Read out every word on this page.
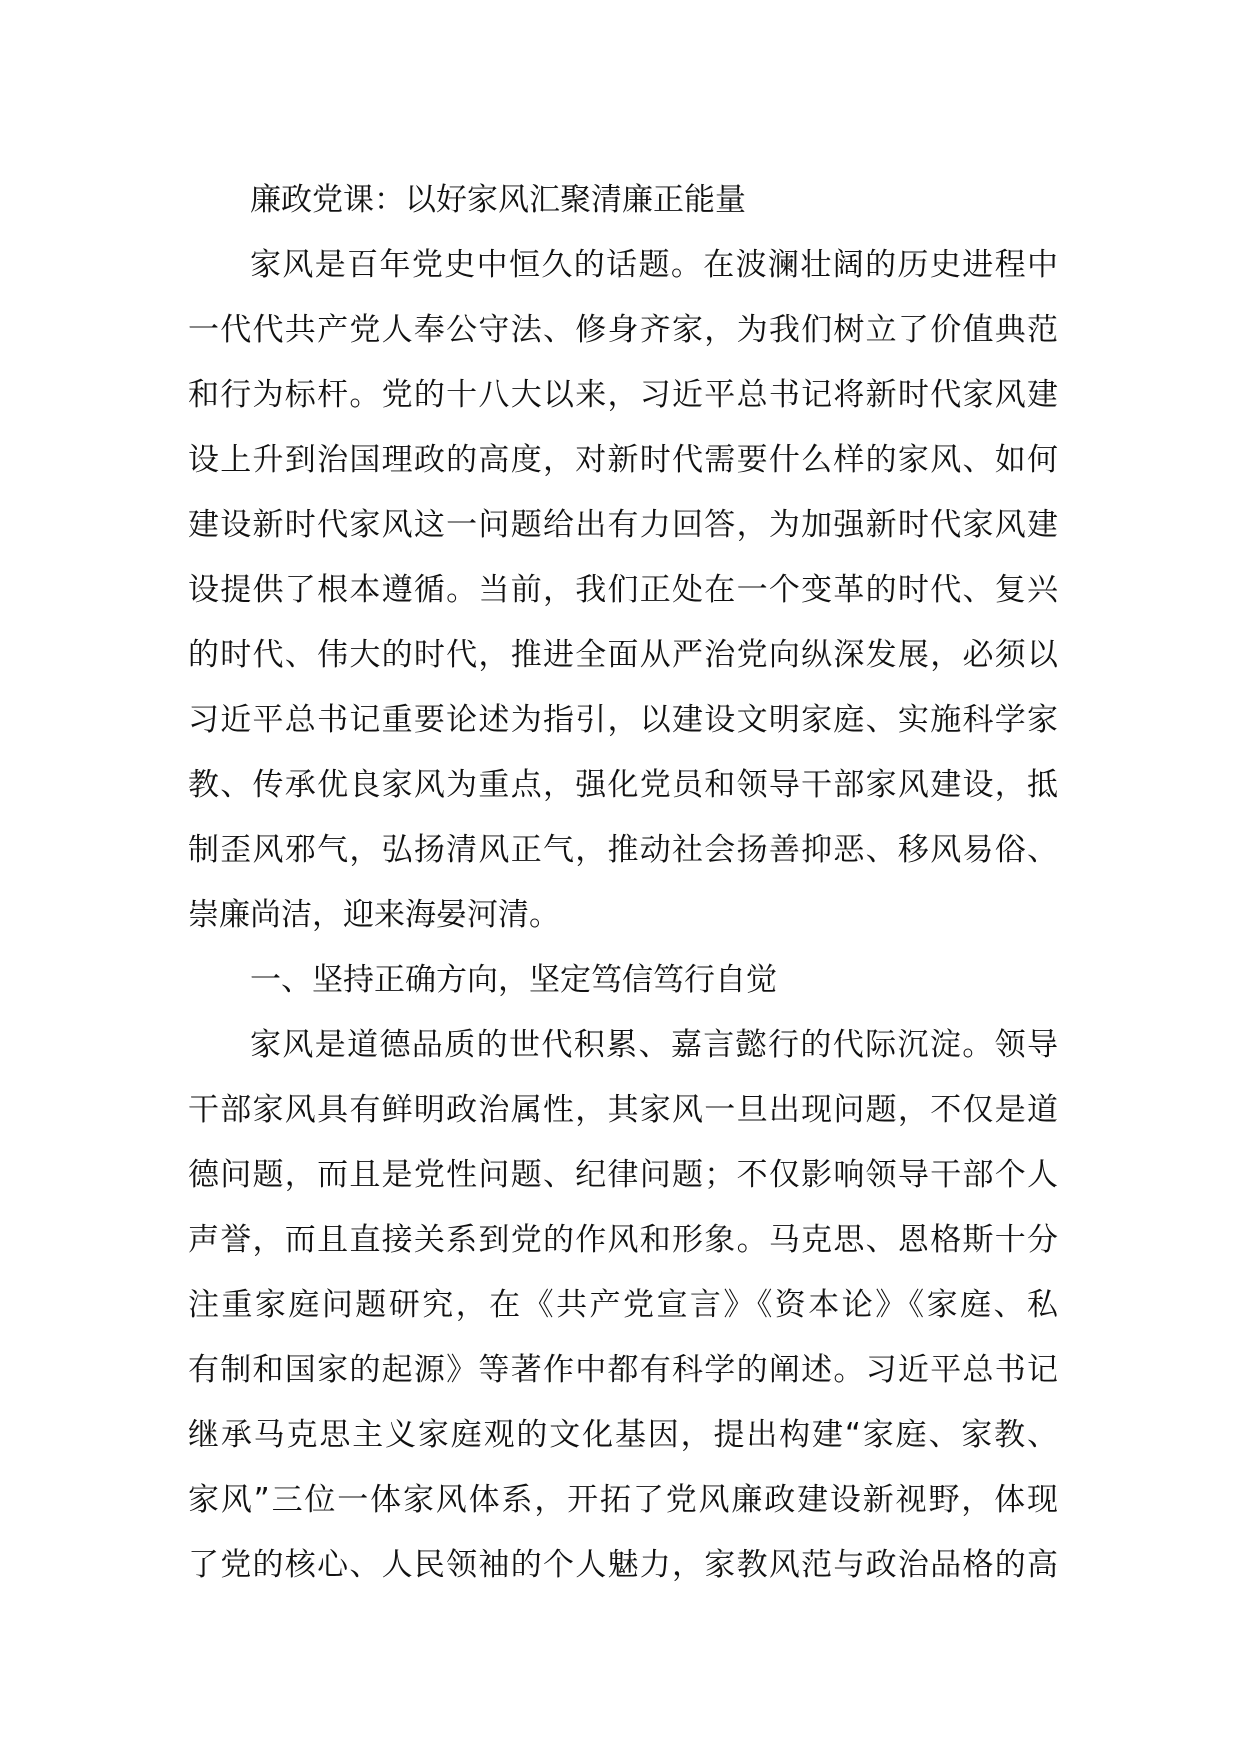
廉政党课：以好家风汇聚清廉正能量
家风是百年党史中恒久的话题。在波澜壮阔的历史进程中
一代代共产党人奉公守法、修身齐家，为我们树立了价值典范
和行为标杆。党的十八大以来，习近平总书记将新时代家风建
设上升到治国理政的高度，对新时代需要什么样的家风、如何
建设新时代家风这一问题给出有力回答，为加强新时代家风建
设提供了根本遵循。当前，我们正处在一个变革的时代、复兴
的时代、伟大的时代，推进全面从严治党向纵深发展，必须以
习近平总书记重要论述为指引，以建设文明家庭、实施科学家
教、传承优良家风为重点，强化党员和领导干部家风建设，抵
制歪风邪气，弘扬清风正气，推动社会扬善抑恶、移风易俗、
崇廉尚洁，迎来海晏河清。
一、坚持正确方向，坚定笃信笃行自觉
家风是道德品质的世代积累、嘉言懿行的代际沉淀。领导
干部家风具有鲜明政治属性，其家风一旦出现问题，不仅是道
德问题，而且是党性问题、纪律问题；不仅影响领导干部个人
声誉，而且直接关系到党的作风和形象。马克思、恩格斯十分
注重家庭问题研究，在《共产党宣言》《资本论》《家庭、私
有制和国家的起源》等著作中都有科学的阐述。习近平总书记
继承马克思主义家庭观的文化基因，提出构建“家庭、家教、
家风”三位一体家风体系，开拓了党风廉政建设新视野，体现
了党的核心、人民领袖的个人魅力，家教风范与政治品格的高
